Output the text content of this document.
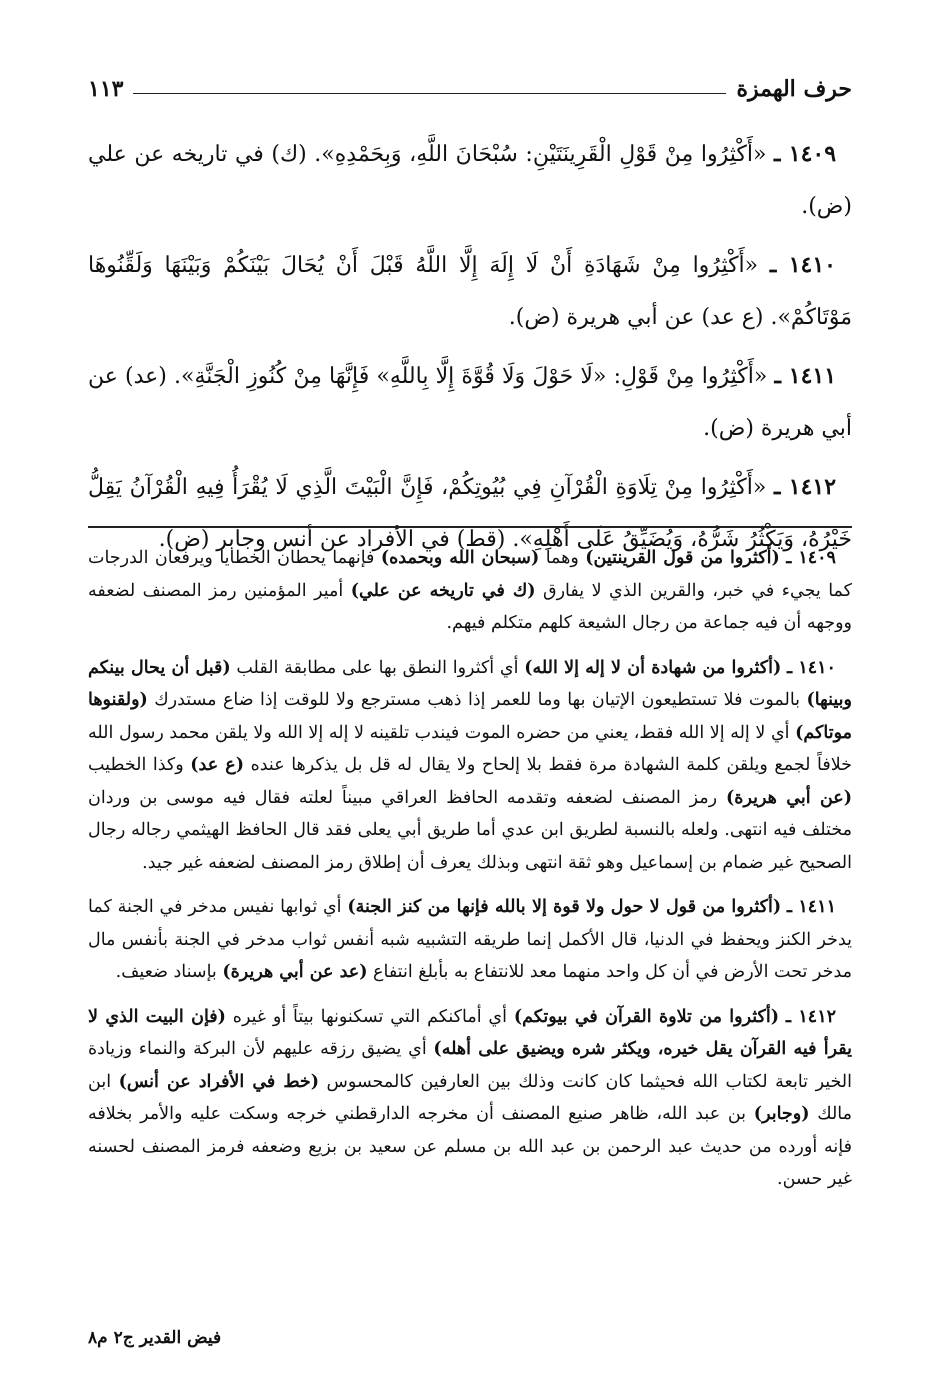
حرف الهمزة
١١٣

١٤٠٩ ـ «أَكْثِرُوا مِنْ قَوْلِ الْقَرِينَتَيْنِ: سُبْحَانَ اللَّهِ، وَبِحَمْدِهِ». (ك) في تاريخه عن علي (ض).

١٤١٠ ـ «أَكْثِرُوا مِنْ شَهَادَةِ أَنْ لَا إِلَهَ إِلَّا اللَّهُ قَبْلَ أَنْ يُحَالَ بَيْنَكُمْ وَبَيْنَهَا وَلَقِّنُوهَا مَوْتَاكُمْ». (ع عد) عن أبي هريرة (ض).

١٤١١ ـ «أَكْثِرُوا مِنْ قَوْلِ: «لَا حَوْلَ وَلَا قُوَّةَ إِلَّا بِاللَّهِ» فَإِنَّهَا مِنْ كُنُوزِ الْجَنَّةِ». (عد) عن أبي هريرة (ض).

١٤١٢ ـ «أَكْثِرُوا مِنْ تِلَاوَةِ الْقُرْآنِ فِي بُيُوتِكُمْ، فَإِنَّ الْبَيْتَ الَّذِي لَا يُقْرَأُ فِيهِ الْقُرْآنُ يَقِلُّ خَيْرُهُ، وَيَكْثُرُ شَرُّهُ، وَيُضَيِّقُ عَلَى أَهْلِهِ». (قط) في الأفراد عن أنس وجابر (ض).

١٤٠٩ ـ (أكثروا من قول القرينتين) وهما (سبحان الله وبحمده) فإنهما يحطان الخطايا ويرفعان الدرجات كما يجيء في خبر، والقرين الذي لا يفارق (ك في تاريخه عن علي) أمير المؤمنين رمز المصنف لضعفه ووجهه أن فيه جماعة من رجال الشيعة كلهم متكلم فيهم.

١٤١٠ ـ (أكثروا من شهادة أن لا إله إلا الله) أي أكثروا النطق بها على مطابقة القلب (قبل أن يحال بينكم وبينها) بالموت فلا تستطيعون الإتيان بها وما للعمر إذا ذهب مسترجع ولا للوقت إذا ضاع مستدرك (ولقنوها موتاكم) أي لا إله إلا الله فقط، يعني من حضره الموت فيندب تلقينه لا إله إلا الله ولا يلقن محمد رسول الله خلافاً لجمع ويلقن كلمة الشهادة مرة فقط بلا إلحاح ولا يقال له قل بل يذكرها عنده (ع عد) وكذا الخطيب (عن أبي هريرة) رمز المصنف لضعفه وتقدمه الحافظ العراقي مبيناً لعلته فقال فيه موسى بن وردان مختلف فيه انتهى. ولعله بالنسبة لطريق ابن عدي أما طريق أبي يعلى فقد قال الحافظ الهيثمي رجاله رجال الصحيح غير ضمام بن إسماعيل وهو ثقة انتهى وبذلك يعرف أن إطلاق رمز المصنف لضعفه غير جيد.

١٤١١ ـ (أكثروا من قول لا حول ولا قوة إلا بالله فإنها من كنز الجنة) أي ثوابها نفيس مدخر في الجنة كما يدخر الكنز ويحفظ في الدنيا، قال الأكمل إنما طريقه التشبيه شبه أنفس ثواب مدخر في الجنة بأنفس مال مدخر تحت الأرض في أن كل واحد منهما معد للانتفاع به بأبلغ انتفاع (عد عن أبي هريرة) بإسناد ضعيف.

١٤١٢ ـ (أكثروا من تلاوة القرآن في بيوتكم) أي أماكنكم التي تسكنونها بيتاً أو غيره (فإن البيت الذي لا يقرأ فيه القرآن يقل خيره، ويكثر شره ويضيق على أهله) أي يضيق رزقه عليهم لأن البركة والنماء وزيادة الخير تابعة لكتاب الله فحيثما كان كانت وذلك بين العارفين كالمحسوس (خط في الأفراد عن أنس) ابن مالك (وجابر) بن عبد الله، ظاهر صنيع المصنف أن مخرجه الدارقطني خرجه وسكت عليه والأمر بخلافه فإنه أورده من حديث عبد الرحمن بن عبد الله بن مسلم عن سعيد بن بزيع وضعفه فرمز المصنف لحسنه غير حسن.

فيض القدير ج٢ م٨
